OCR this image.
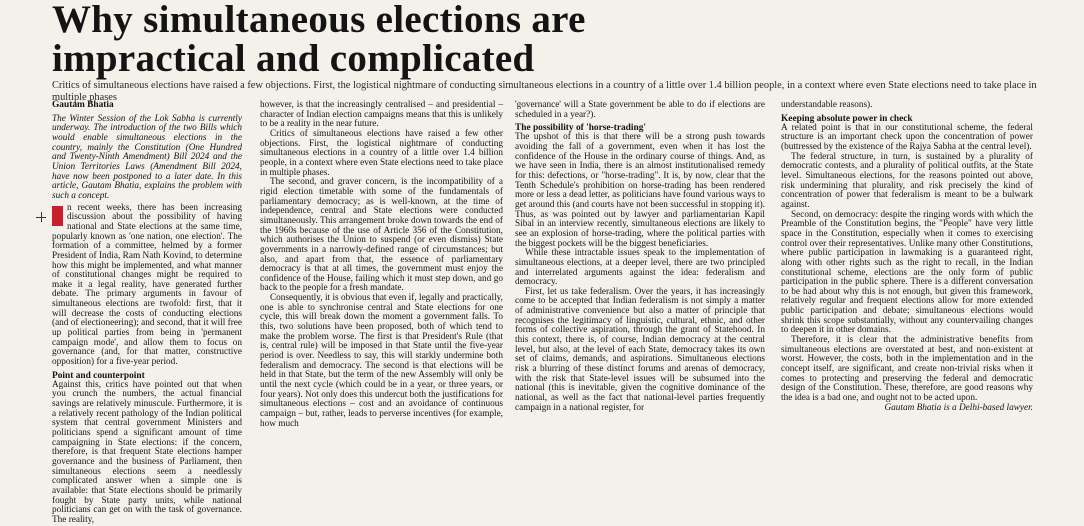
Why simultaneous elections are
impractical and complicated
Critics of simultaneous elections have raised a few objections. First, the logistical nightmare of conducting simultaneous elections in a country of a little over 1.4 billion people, in a context where even State elections need to take place in multiple phases
Gautam Bhatia
The Winter Session of the Lok Sabha is currently underway. The introduction of the two Bills which would enable simultaneous elections in the country, mainly the Constitution (One Hundred and Twenty-Ninth Amendment) Bill 2024 and the Union Territories Laws (Amendment Bill 2024, have now been postponed to a later date. In this article, Gautam Bhatia, explains the problem with such a concept.

n recent weeks, there has been increasing discussion about the possibility of having national and State elections at the same time, popularly known as 'one nation, one election'. The formation of a committee, helmed by a former President of India, Ram Nath Kovind, to determine how this might be implemented, and what manner of constitutional changes might be required to make it a legal reality, have generated further debate. The primary arguments in favour of simultaneous elections are twofold: first, that it will decrease the costs of conducting elections (and of electioneering); and second, that it will free up political parties from being in 'permanent campaign mode', and allow them to focus on governance (and, for that matter, constructive opposition) for a five-year period.

Point and counterpoint

Against this, critics have pointed out that when you crunch the numbers, the actual financial savings are relatively minuscule. Furthermore, it is a relatively recent pathology of the Indian political system that central government Ministers and politicians spend a significant amount of time campaigning in State elections: if the concern, therefore, is that frequent State elections hamper governance and the business of Parliament, then simultaneous elections seem a needlessly complicated answer when a simple one is available: that State elections should be primarily fought by State party units, while national politicians can get on with the task of governance. The reality,

however, is that the increasingly centralised – and presidential – character of Indian election campaigns means that this is unlikely to be a reality in the near future.

Critics of simultaneous elections have raised a few other objections. First, the logistical nightmare of conducting simultaneous elections in a country of a little over 1.4 billion people, in a context where even State elections need to take place in multiple phases.

The second, and graver concern, is the incompatibility of a rigid election timetable with some of the fundamentals of parliamentary democracy; as is well-known, at the time of independence, central and State elections were conducted simultaneously. This arrangement broke down towards the end of the 1960s because of the use of Article 356 of the Constitution, which authorises the Union to suspend (or even dismiss) State governments in a narrowly-defined range of circumstances; but also, and apart from that, the essence of parliamentary democracy is that at all times, the government must enjoy the confidence of the House, failing which it must step down, and go back to the people for a fresh mandate.

Consequently, it is obvious that even if, legally and practically, one is able to synchronise central and State elections for one cycle, this will break down the moment a government falls. To this, two solutions have been proposed, both of which tend to make the problem worse. The first is that President's Rule (that is, central rule) will be imposed in that State until the five-year period is over. Needless to say, this will starkly undermine both federalism and democracy. The second is that elections will be held in that State, but the term of the new Assembly will only be until the next cycle (which could be in a year, or three years, or four years). Not only does this undercut both the justifications for simultaneous elections – cost and an avoidance of continuous campaign – but, rather, leads to perverse incentives (for example, how much

'governance' will a State government be able to do if elections are scheduled in a year?).

The possibility of 'horse-trading'

The upshot of this is that there will be a strong push towards avoiding the fall of a government, even when it has lost the confidence of the House in the ordinary course of things. And, as we have seen in India, there is an almost institutionalised remedy for this: defections, or "horse-trading". It is, by now, clear that the Tenth Schedule's prohibition on horse-trading has been rendered more or less a dead letter, as politicians have found various ways to get around this (and courts have not been successful in stopping it). Thus, as was pointed out by lawyer and parliamentarian Kapil Sibal in an interview recently, simultaneous elections are likely to see an explosion of horse-trading, where the political parties with the biggest pockets will be the biggest beneficiaries.

While these intractable issues speak to the implementation of simultaneous elections, at a deeper level, there are two principled and interrelated arguments against the idea: federalism and democracy.

First, let us take federalism. Over the years, it has increasingly come to be accepted that Indian federalism is not simply a matter of administrative convenience but also a matter of principle that recognises the legitimacy of linguistic, cultural, ethnic, and other forms of collective aspiration, through the grant of Statehood. In this context, there is, of course, Indian democracy at the central level, but also, at the level of each State, democracy takes its own set of claims, demands, and aspirations. Simultaneous elections risk a blurring of these distinct forums and arenas of democracy, with the risk that State-level issues will be subsumed into the national (this is inevitable, given the cognitive dominance of the national, as well as the fact that national-level parties frequently campaign in a national register, for

understandable reasons).

Keeping absolute power in check

A related point is that in our constitutional scheme, the federal structure is an important check upon the concentration of power (buttressed by the existence of the Rajya Sabha at the central level).

The federal structure, in turn, is sustained by a plurality of democratic contests, and a plurality of political outfits, at the State level. Simultaneous elections, for the reasons pointed out above, risk undermining that plurality, and risk precisely the kind of concentration of power that federalism is meant to be a bulwark against.

Second, on democracy: despite the ringing words with which the Preamble of the Constitution begins, the "People" have very little space in the Constitution, especially when it comes to exercising control over their representatives. Unlike many other Constitutions, where public participation in lawmaking is a guaranteed right, along with other rights such as the right to recall, in the Indian constitutional scheme, elections are the only form of public participation in the public sphere. There is a different conversation to be had about why this is not enough, but given this framework, relatively regular and frequent elections allow for more extended public participation and debate; simultaneous elections would shrink this scope substantially, without any countervailing changes to deepen it in other domains.

Therefore, it is clear that the administrative benefits from simultaneous elections are overstated at best, and non-existent at worst. However, the costs, both in the implementation and in the concept itself, are significant, and create non-trivial risks when it comes to protecting and preserving the federal and democratic design of the Constitution. These, therefore, are good reasons why the idea is a bad one, and ought not to be acted upon.

Gautam Bhatia is a Delhi-based lawyer.
